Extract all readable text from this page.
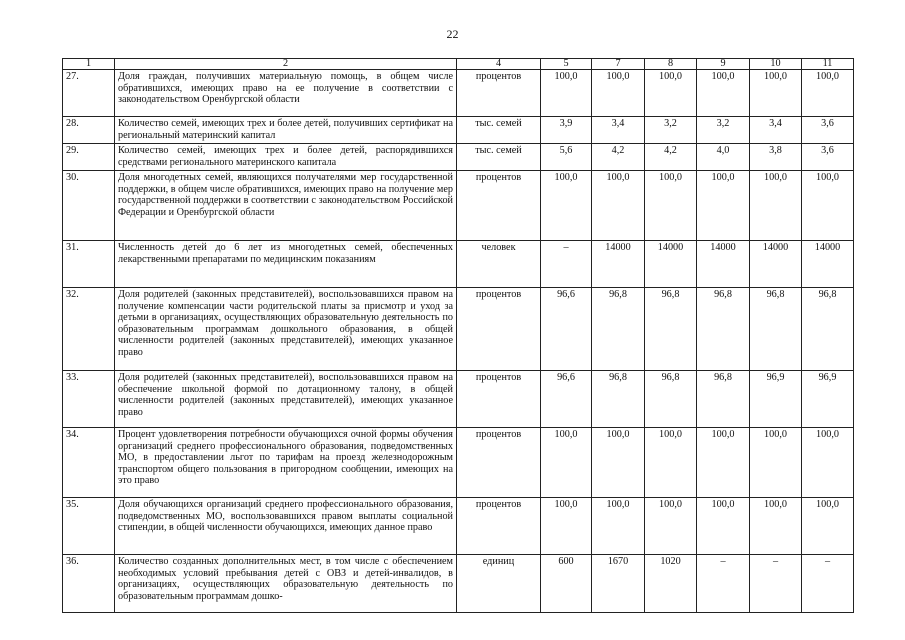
22
1	2	4	5	7	8	9	10	11
27.	Доля граждан, получивших материальную помощь, в общем числе обратившихся, имеющих право на ее получение в соответствии с законодательством Оренбургской области	процентов	100,0	100,0	100,0	100,0	100,0	100,0
28.	Количество семей, имеющих трех и более детей, получивших сертификат на региональный материнский капитал	тыс. семей	3,9	3,4	3,2	3,2	3,4	3,6
29.	Количество семей, имеющих трех и более детей, распорядившихся средствами регионального материнского капитала	тыс. семей	5,6	4,2	4,2	4,0	3,8	3,6
30.	Доля многодетных семей, являющихся получателями мер государственной поддержки, в общем числе обратившихся, имеющих право на получение мер государственной поддержки в соответствии с законодательством Российской Федерации и Оренбургской области	процентов	100,0	100,0	100,0	100,0	100,0	100,0
31.	Численность детей до 6 лет из многодетных семей, обеспеченных лекарственными препаратами по медицинским показаниям	человек	–	14000	14000	14000	14000	14000
32.	Доля родителей (законных представителей), воспользовавшихся правом на получение компенсации части родительской платы за присмотр и уход за детьми в организациях, осуществляющих образовательную деятельность по образовательным программам дошкольного образования, в общей численности родителей (законных представителей), имеющих указанное право	процентов	96,6	96,8	96,8	96,8	96,8	96,8
33.	Доля родителей (законных представителей), воспользовавшихся правом на обеспечение школьной формой по дотационному талону, в общей численности родителей (законных представителей), имеющих указанное право	процентов	96,6	96,8	96,8	96,8	96,9	96,9
34.	Процент удовлетворения потребности обучающихся очной формы обучения организаций среднего профессионального образования, подведомственных МО, в предоставлении льгот по тарифам на проезд железнодорожным транспортом общего пользования в пригородном сообщении, имеющих на это право	процентов	100,0	100,0	100,0	100,0	100,0	100,0
35.	Доля обучающихся организаций среднего профессионального образования, подведомственных МО, воспользовавшихся правом выплаты социальной стипендии, в общей численности обучающихся, имеющих данное право	процентов	100,0	100,0	100,0	100,0	100,0	100,0
36.	Количество созданных дополнительных мест, в том числе с обеспечением необходимых условий пребывания детей с ОВЗ и детей-инвалидов, в организациях, осуществляющих образовательную деятельность по образовательным программам дошко-	единиц	600	1670	1020	–	–	–
